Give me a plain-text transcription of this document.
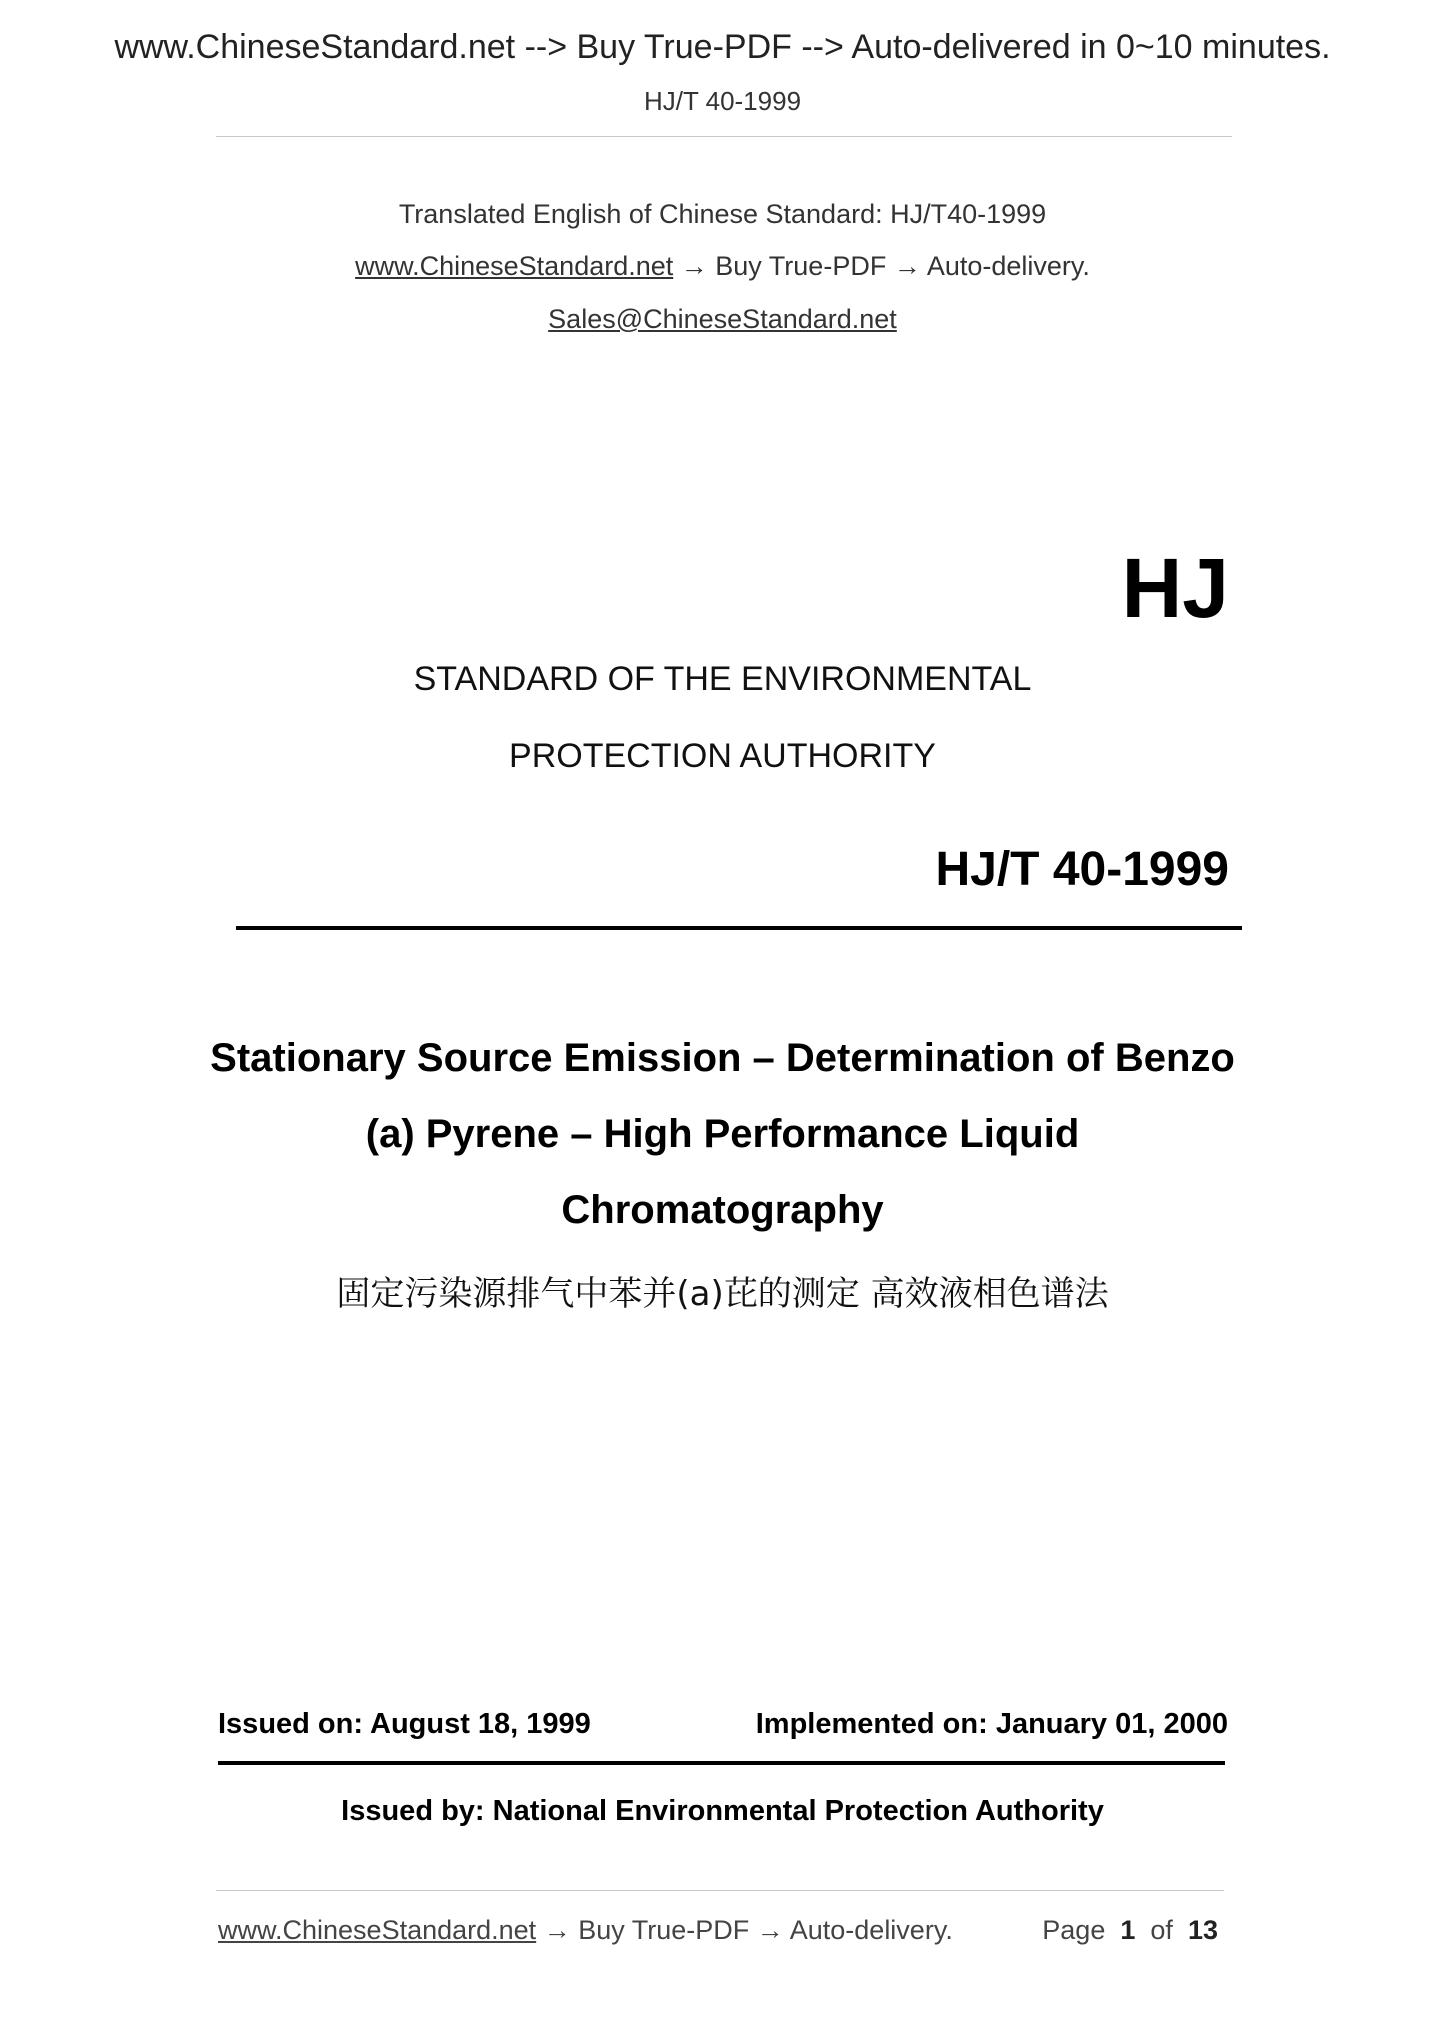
www.ChineseStandard.net --> Buy True-PDF --> Auto-delivered in 0~10 minutes.
HJ/T 40-1999
Translated English of Chinese Standard: HJ/T40-1999
www.ChineseStandard.net → Buy True-PDF → Auto-delivery.
Sales@ChineseStandard.net
HJ
STANDARD OF THE ENVIRONMENTAL
PROTECTION AUTHORITY
HJ/T 40-1999
Stationary Source Emission – Determination of Benzo
(a) Pyrene – High Performance Liquid
Chromatography
固定污染源排气中苯并(a)芘的测定 高效液相色谱法
Issued on: August 18, 1999	Implemented on: January 01, 2000
Issued by: National Environmental Protection Authority
www.ChineseStandard.net → Buy True-PDF → Auto-delivery.	Page 1 of 13
